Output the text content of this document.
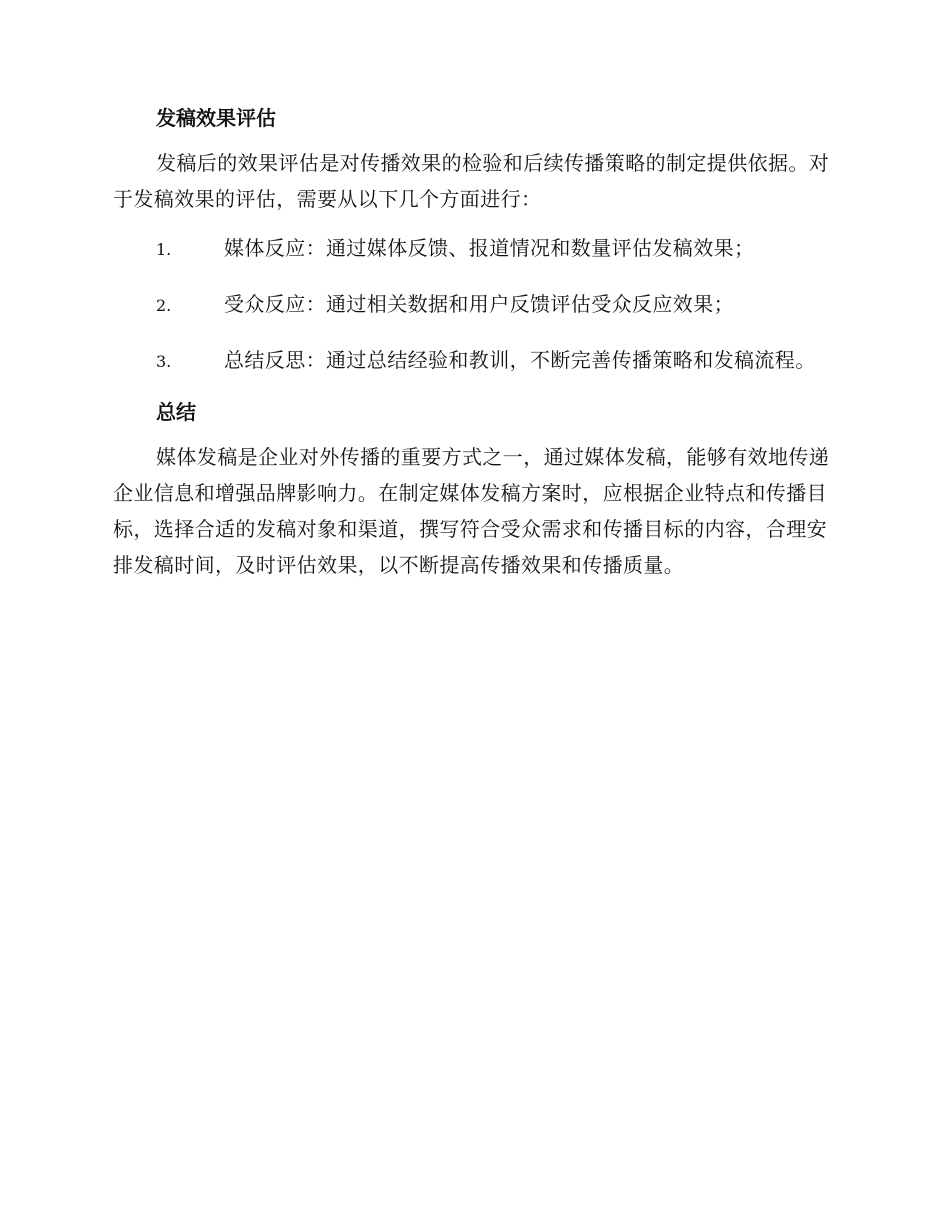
发稿效果评估
发稿后的效果评估是对传播效果的检验和后续传播策略的制定提供依据。对于发稿效果的评估，需要从以下几个方面进行：
1.	媒体反应：通过媒体反馈、报道情况和数量评估发稿效果；
2.	受众反应：通过相关数据和用户反馈评估受众反应效果；
3.	总结反思：通过总结经验和教训，不断完善传播策略和发稿流程。
总结
媒体发稿是企业对外传播的重要方式之一，通过媒体发稿，能够有效地传递企业信息和增强品牌影响力。在制定媒体发稿方案时，应根据企业特点和传播目标，选择合适的发稿对象和渠道，撰写符合受众需求和传播目标的内容，合理安排发稿时间，及时评估效果，以不断提高传播效果和传播质量。
